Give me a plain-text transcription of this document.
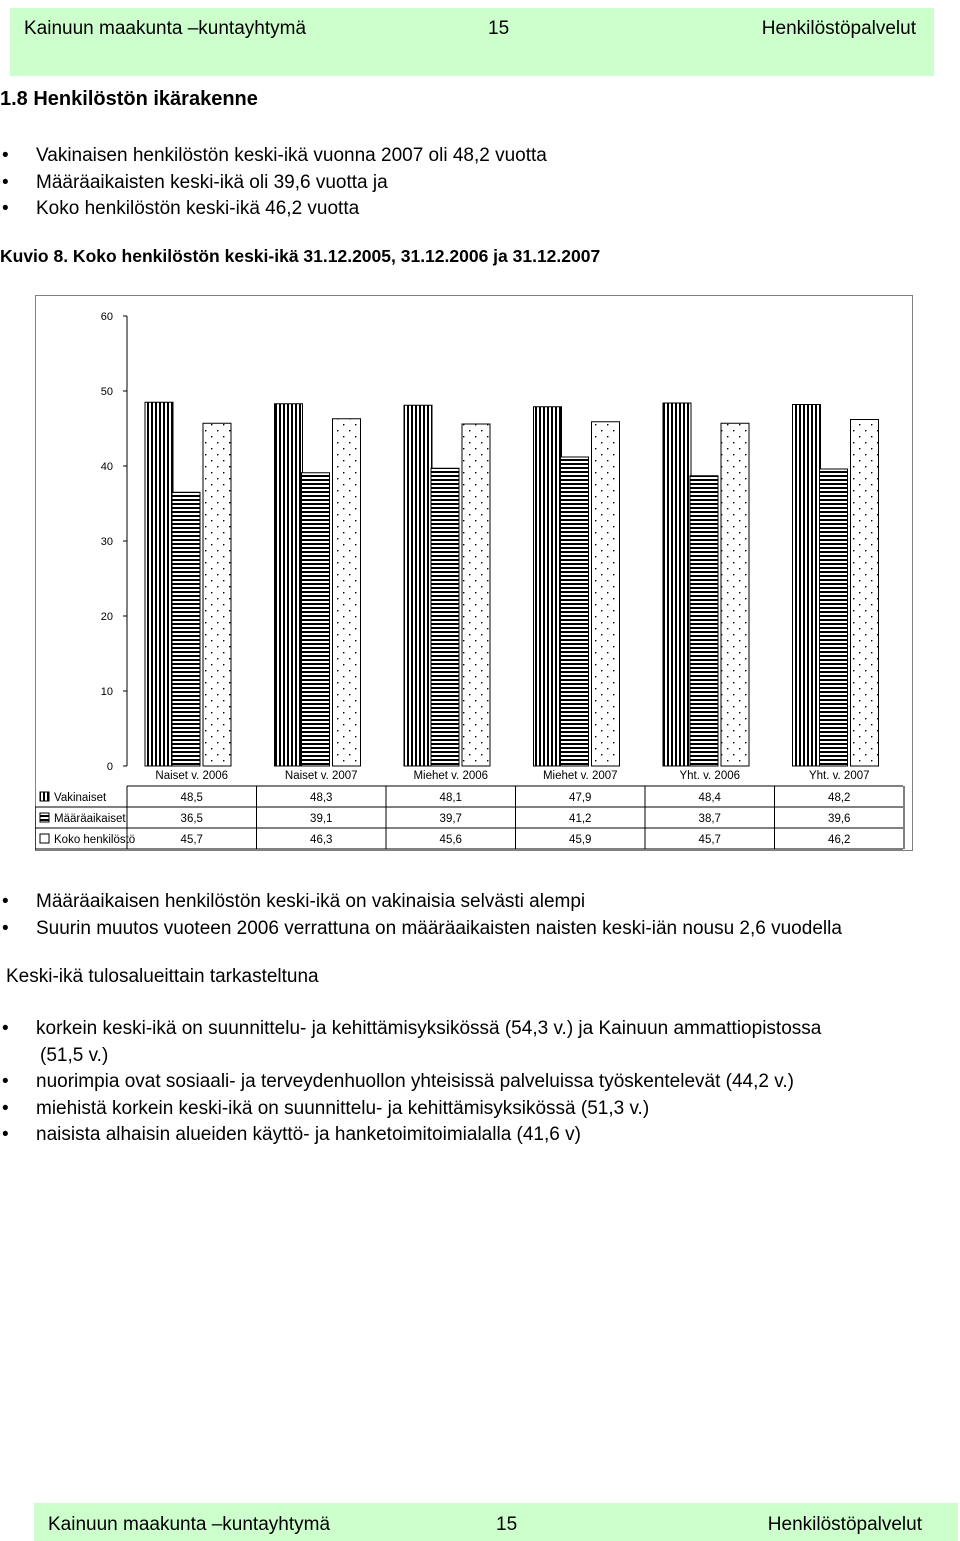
Kainuun maakunta –kuntayhtymä	15	Henkilöstöpalvelut
1.8 Henkilöstön ikärakenne
• Vakinaisen henkilöstön keski-ikä vuonna 2007 oli 48,2 vuotta
• Määräaikaisten keski-ikä oli 39,6 vuotta ja
• Koko henkilöstön keski-ikä 46,2 vuotta
Kuvio 8. Koko henkilöstön keski-ikä 31.12.2005, 31.12.2006 ja 31.12.2007
0
10
20
30
40
50
60
Naiset v. 2006	Naiset v. 2007	Miehet v. 2006	Miehet v. 2007	Yht. v. 2006	Yht. v. 2007
Vakinaiset	48,5	48,3	48,1	47,9	48,4	48,2
Määräaikaiset	36,5	39,1	39,7	41,2	38,7	39,6
Koko henkilöstö	45,7	46,3	45,6	45,9	45,7	46,2
• Määräaikaisen henkilöstön keski-ikä on vakinaisia selvästi alempi
• Suurin muutos vuoteen 2006 verrattuna on määräaikaisten naisten keski-iän nousu 2,6 vuodella
Keski-ikä tulosalueittain tarkasteltuna
• korkein keski-ikä on suunnittelu- ja kehittämisyksikössä (54,3 v.) ja Kainuun ammattiopistossa
(51,5 v.)
• nuorimpia ovat sosiaali- ja terveydenhuollon yhteisissä palveluissa työskentelevät (44,2 v.)
• miehistä korkein keski-ikä on suunnittelu- ja kehittämisyksikössä (51,3 v.)
• naisista alhaisin alueiden käyttö- ja hanketoimitoimialalla (41,6 v)
Kainuun maakunta –kuntayhtymä	15	Henkilöstöpalvelut
